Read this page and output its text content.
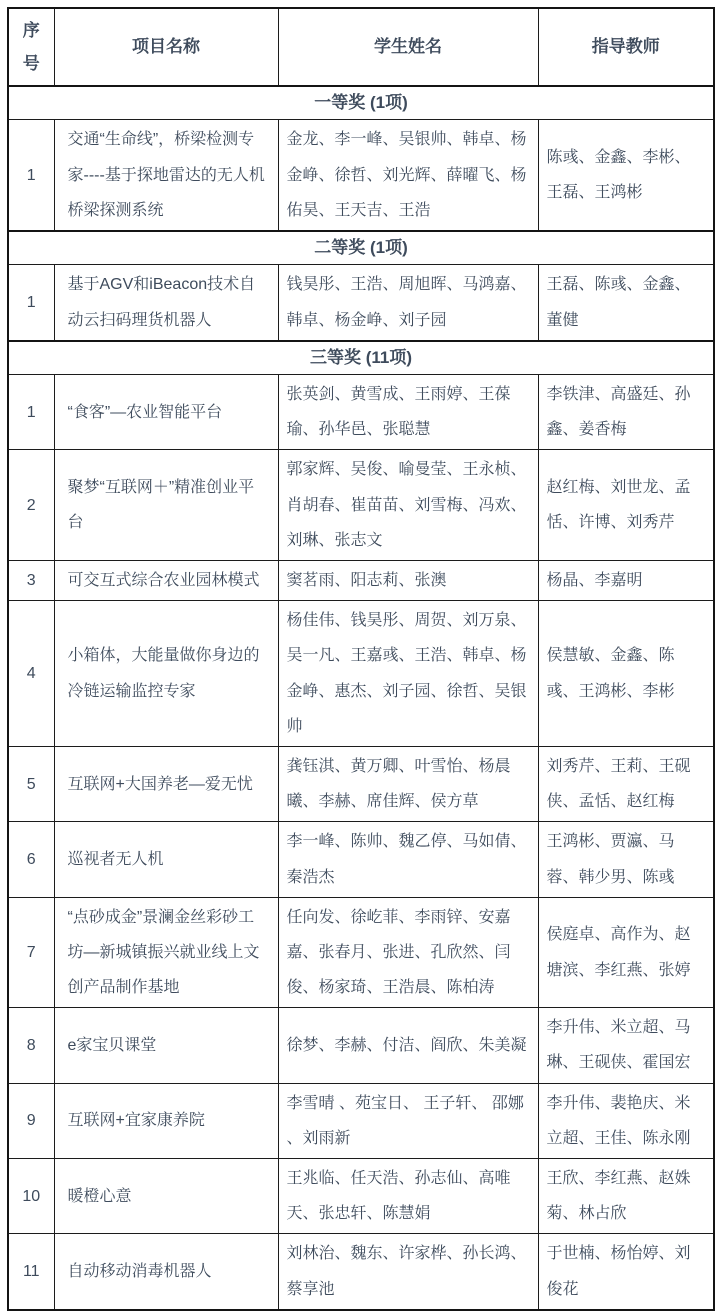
序号	项目名称	学生姓名	指导教师
一等奖 (1项)			
1	交通“生命线”，桥梁检测专家----基于探地雷达的无人机桥梁探测系统	金龙、李一峰、吴银帅、韩卓、杨金峥、徐哲、刘光辉、薛曜飞、杨佑昊、王天吉、王浩	陈彧、金鑫、李彬、王磊、王鸿彬
二等奖 (1项)			
1	基于AGV和iBeacon技术自动云扫码理货机器人	钱昊彤、王浩、周旭晖、马鸿嘉、韩卓、杨金峥、刘子园	王磊、陈彧、金鑫、董健
三等奖 (11项)			
1	“食客”—农业智能平台	张英剑、黄雪成、王雨婷、王葆瑜、孙华邑、张聪慧	李铁津、高盛廷、孙鑫、姜香梅
2	聚梦“互联网＋”精准创业平台	郭家辉、吴俊、喻曼莹、王永桢、肖胡春、崔苗苗、刘雪梅、冯欢、刘琳、张志文	赵红梅、刘世龙、孟恬、许博、刘秀芹
3	可交互式综合农业园林模式	窦茗雨、阳志莉、张澳	杨晶、李嘉明
4	小箱体，大能量做你身边的冷链运输监控专家	杨佳伟、钱昊彤、周贺、刘万泉、吴一凡、王嘉彧、王浩、韩卓、杨金峥、惠杰、刘子园、徐哲、吴银帅	侯慧敏、金鑫、陈彧、王鸿彬、李彬
5	互联网+大国养老—爱无忧	龚钰淇、黄万卿、叶雪怡、杨晨曦、李赫、席佳辉、侯方草	刘秀芹、王莉、王砚侠、孟恬、赵红梅
6	巡视者无人机	李一峰、陈帅、魏乙停、马如倩、秦浩杰	王鸿彬、贾瀛、马蓉、韩少男、陈彧
7	“点砂成金”景澜金丝彩砂工坊—新城镇振兴就业线上文创产品制作基地	任向发、徐屹菲、李雨锌、安嘉嘉、张春月、张进、孔欣然、闫俊、杨家琦、王浩晨、陈柏涛	侯庭卓、高作为、赵塘滨、李红燕、张婷
8	e家宝贝课堂	徐梦、李赫、付洁、阎欣、朱美凝	李升伟、米立超、马琳、王砚侠、霍国宏
9	互联网+宜家康养院	李雪晴 、苑宝日、 王子轩、 邵娜 、刘雨新	李升伟、裴艳庆、米立超、王佳、陈永刚
10	暖橙心意	王兆临、任天浩、孙志仙、高唯天、张忠轩、陈慧娟	王欣、李红燕、赵姝菊、林占欣
11	自动移动消毒机器人	刘林治、魏东、许家桦、孙长鸿、蔡享池	于世楠、杨怡婷、刘俊花
